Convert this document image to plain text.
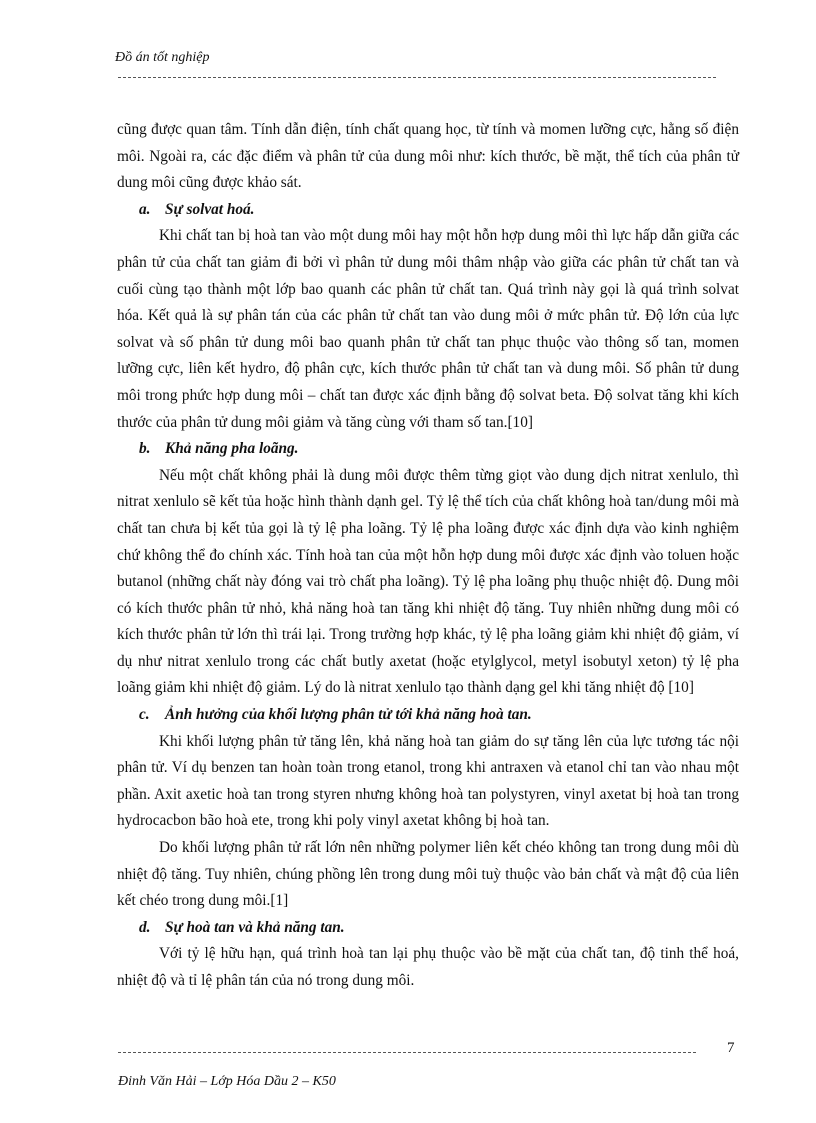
Đồ án tốt nghiệp

cũng được quan tâm. Tính dẫn điện, tính chất quang học, từ tính và momen lưỡng cực, hằng số điện môi. Ngoài ra, các đặc điểm và phân tử của dung môi như: kích thước, bề mặt, thể tích của phân tử dung môi cũng được khảo sát.

a. Sự solvat hoá.

Khi chất tan bị hoà tan vào một dung môi hay một hỗn hợp dung môi thì lực hấp dẫn giữa các phân tử của chất tan giảm đi bởi vì phân tử dung môi thâm nhập vào giữa các phân tử chất tan và cuối cùng tạo thành một lớp bao quanh các phân tử chất tan. Quá trình này gọi là quá trình solvat hóa. Kết quả là sự phân tán của các phân tử chất tan vào dung môi ở mức phân tử. Độ lớn của lực solvat và số phân tử dung môi bao quanh phân tử chất tan phục thuộc vào thông số tan, momen lưỡng cực, liên kết hydro, độ phân cực, kích thước phân tử chất tan và dung môi. Số phân tử dung môi trong phức hợp dung môi – chất tan được xác định bằng độ solvat beta. Độ solvat tăng khi kích thước của phân tử dung môi giảm và tăng cùng với tham số tan.[10]

b. Khả năng pha loãng.

Nếu một chất không phải là dung môi được thêm từng giọt vào dung dịch nitrat xenlulo, thì nitrat xenlulo sẽ kết tủa hoặc hình thành dạnh gel. Tỷ lệ thể tích của chất không hoà tan/dung môi mà chất tan chưa bị kết tủa gọi là tỷ lệ pha loãng. Tỷ lệ pha loãng được xác định dựa vào kinh nghiệm chứ không thể đo chính xác. Tính hoà tan của một hỗn hợp dung môi được xác định vào toluen hoặc butanol (những chất này đóng vai trò chất pha loãng). Tỷ lệ pha loãng phụ thuộc nhiệt độ. Dung môi có kích thước phân tử nhỏ, khả năng hoà tan tăng khi nhiệt độ tăng. Tuy nhiên những dung môi có kích thước phân tử lớn thì trái lại. Trong trường hợp khác, tỷ lệ pha loãng giảm khi nhiệt độ giảm, ví dụ như nitrat xenlulo trong các chất butly axetat (hoặc etylglycol, metyl isobutyl xeton) tỷ lệ pha loãng giảm khi nhiệt độ giảm. Lý do là nitrat xenlulo tạo thành dạng gel khi tăng nhiệt độ [10]

c. Ảnh hưởng của khối lượng phân tử tới khả năng hoà tan.

Khi khối lượng phân tử tăng lên, khả năng hoà tan giảm do sự tăng lên của lực tương tác nội phân tử. Ví dụ benzen tan hoàn toàn trong etanol, trong khi antraxen và etanol chỉ tan vào nhau một phần. Axit axetic hoà tan trong styren nhưng không hoà tan polystyren, vinyl axetat bị hoà tan trong hydrocacbon bão hoà ete, trong khi poly vinyl axetat không bị hoà tan.

Do khối lượng phân tử rất lớn nên những polymer liên kết chéo không tan trong dung môi dù nhiệt độ tăng. Tuy nhiên, chúng phồng lên trong dung môi tuỳ thuộc vào bản chất và mật độ của liên kết chéo trong dung môi.[1]

d. Sự hoà tan và khả năng tan.

Với tỷ lệ hữu hạn, quá trình hoà tan lại phụ thuộc vào bề mặt của chất tan, độ tinh thể hoá, nhiệt độ và tỉ lệ phân tán của nó trong dung môi.

7
Đinh Văn Hải – Lớp Hóa Dầu 2 – K50
